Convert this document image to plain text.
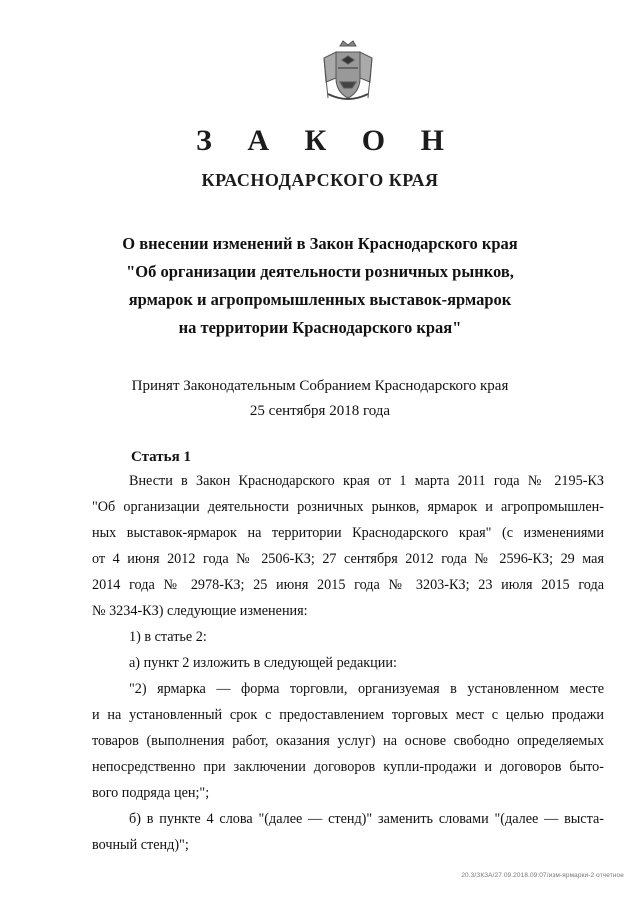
З А К О Н
КРАСНОДАРСКОГО КРАЯ
О внесении изменений в Закон Краснодарского края
"Об организации деятельности розничных рынков,
ярмарок и агропромышленных выставок-ярмарок
на территории Краснодарского края"
Принят Законодательным Собранием Краснодарского края
25 сентября 2018 года
Статья 1
Внести в Закон Краснодарского края от 1 марта 2011 года № 2195-КЗ
"Об организации деятельности розничных рынков, ярмарок и агропромышлен-
ных выставок-ярмарок на территории Краснодарского края" (с изменениями
от 4 июня 2012 года № 2506-КЗ; 27 сентября 2012 года № 2596-КЗ; 29 мая
2014 года № 2978-КЗ; 25 июня 2015 года № 3203-КЗ; 23 июля 2015 года
№ 3234-КЗ) следующие изменения:
1) в статье 2:
а) пункт 2 изложить в следующей редакции:
"2) ярмарка — форма торговли, организуемая в установленном месте
и на установленный срок с предоставлением торговых мест с целью продажи
товаров (выполнения работ, оказания услуг) на основе свободно определяемых
непосредственно при заключении договоров купли-продажи и договоров быто-
вого подряда цен;";
б) в пункте 4 слова "(далее — стенд)" заменить словами "(далее — выста-
вочный стенд)";
20.3/ЗКЗА/27.09.2018.09:07/изм-ярмарки-2 отчетное
